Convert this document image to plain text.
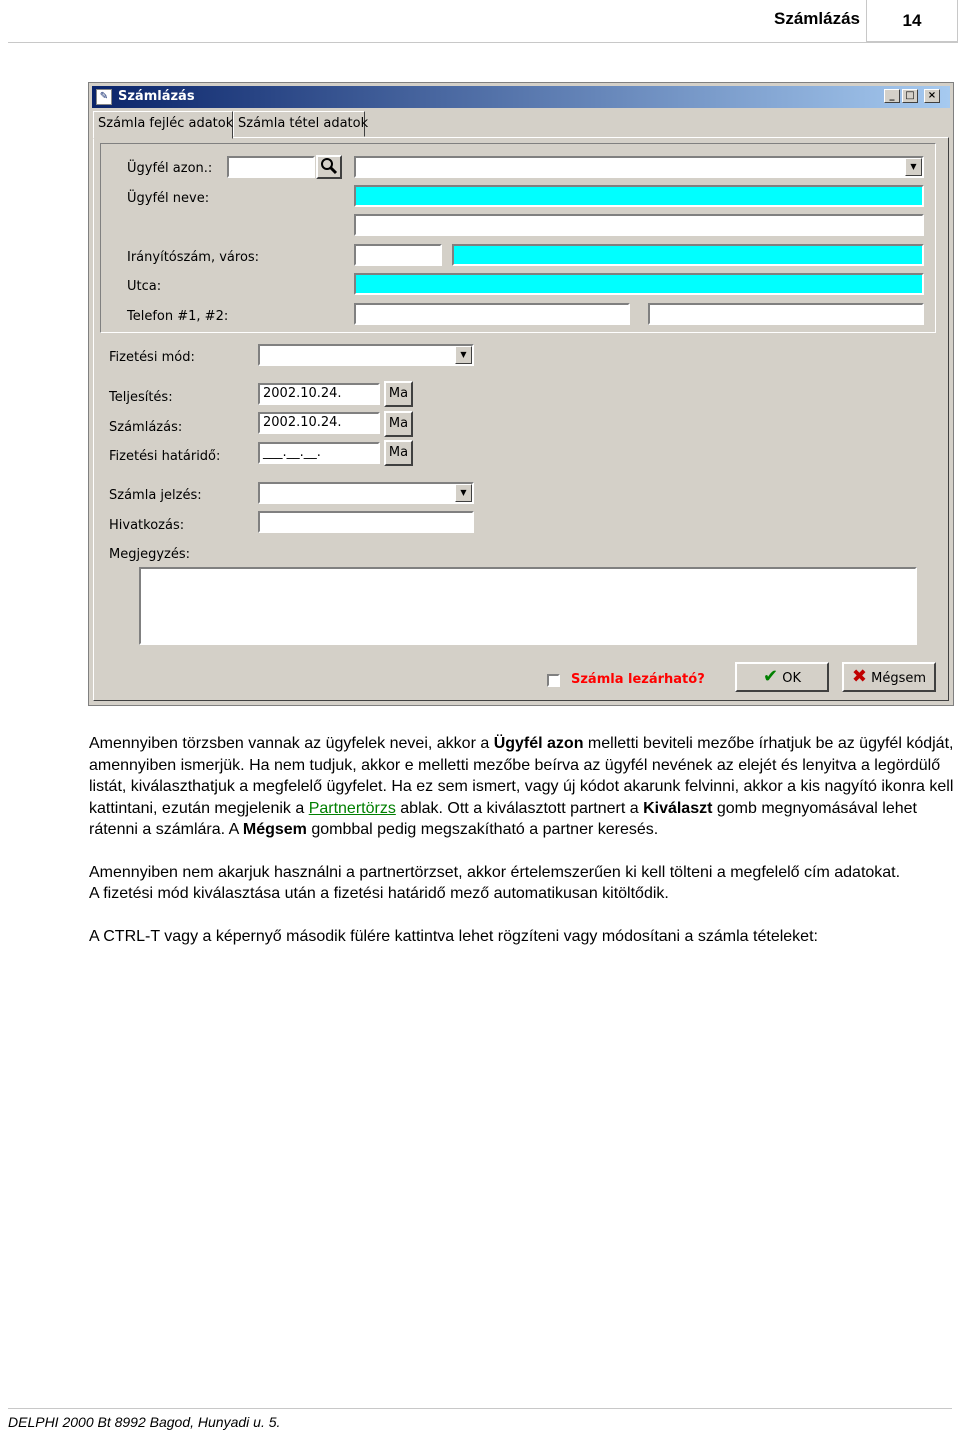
Számlázás	14
✎ Számlázás	_	□	×
Számla fejléc adatok Számla tétel adatok
Ügyfél azon.:	▼
Ügyfél neve:
Irányítószám, város:
Utca:
Telefon #1, #2:
Fizetési mód:	▼
Teljesítés:	2002.10.24.	Ma
Számlázás:	2002.10.24.	Ma
Fizetési határidő:	___.__.__.	Ma
Számla jelzés:	▼
Hivatkozás:
Megjegyzés:
Számla lezárható?	✔ OK	✖ Mégsem

Amennyiben törzsben vannak az ügyfelek nevei, akkor a Ügyfél azon melletti beviteli mezőbe írhatjuk be az ügyfél kódját, amennyiben ismerjük. Ha nem tudjuk, akkor e melletti mezőbe beírva az ügyfél nevének az elejét és lenyitva a legördülő listát, kiválaszthatjuk a megfelelő ügyfelet. Ha ez sem ismert, vagy új kódot akarunk felvinni, akkor a kis nagyító ikonra kell kattintani, ezután megjelenik a Partnertörzs ablak. Ott a kiválasztott partnert a Kiválaszt gomb megnyomásával lehet rátenni a számlára. A Mégsem gombbal pedig megszakítható a partner keresés.

Amennyiben nem akarjuk használni a partnertörzset, akkor értelemszerűen ki kell tölteni a megfelelő cím adatokat.
A fizetési mód kiválasztása után a fizetési határidő mező automatikusan kitöltődik.

A CTRL-T vagy a képernyő második fülére kattintva lehet rögzíteni vagy módosítani a számla tételeket:

DELPHI 2000 Bt 8992 Bagod, Hunyadi u. 5.
